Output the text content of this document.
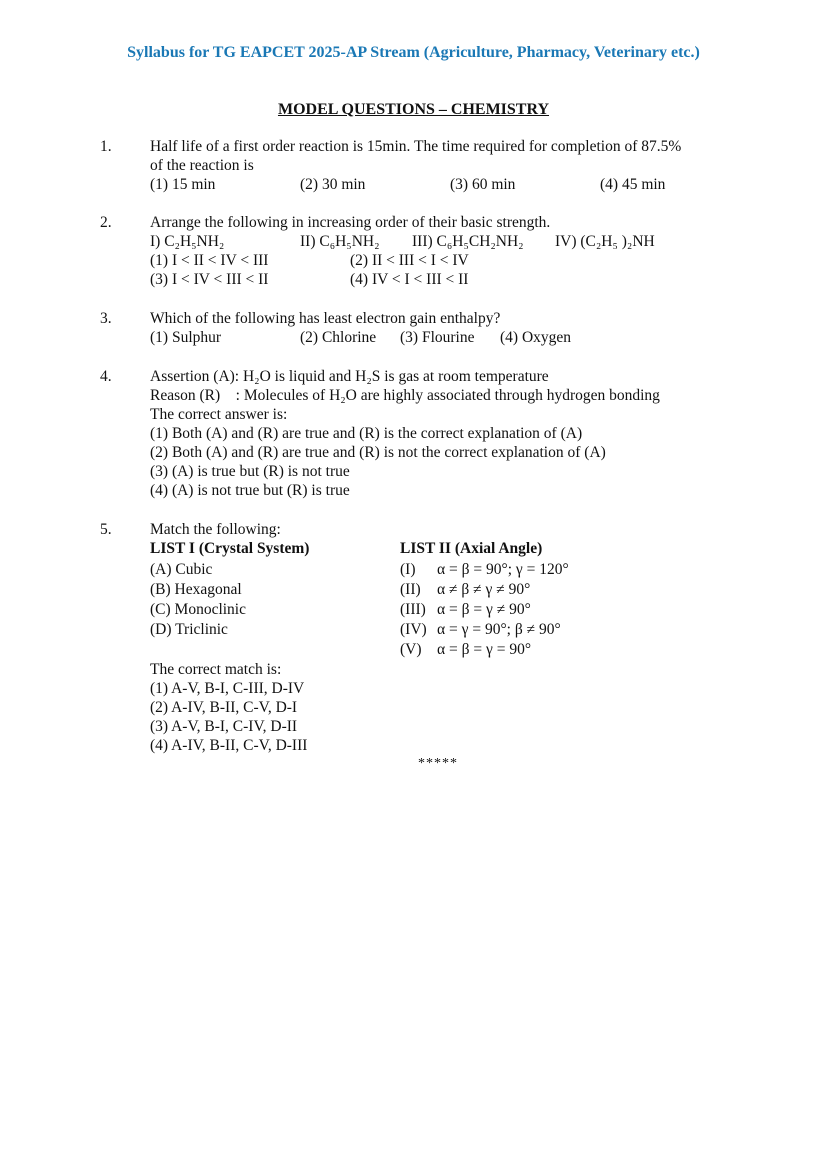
Syllabus for TG EAPCET 2025-AP Stream (Agriculture, Pharmacy, Veterinary etc.)
MODEL QUESTIONS – CHEMISTRY
1. Half life of a first order reaction is 15min. The time required for completion of 87.5%
of the reaction is
(1) 15 min	(2) 30 min	(3) 60 min	(4) 45 min
2. Arrange the following in increasing order of their basic strength.
I) C₂H₅NH₂	II) C₆H₅NH₂ III) C₆H₅CH₂NH₂ IV) (C₂H₅ )₂NH
(1) I < II < IV < III	(2) II < III < I < IV
(3) I < IV < III < II	(4) IV < I < III < II
3. Which of the following has least electron gain enthalpy?
(1) Sulphur	(2) Chlorine (3) Flourine (4) Oxygen
4. Assertion (A): H₂O is liquid and H₂S is gas at room temperature
Reason (R)    : Molecules of H₂O are highly associated through hydrogen bonding
The correct answer is:
(1) Both (A) and (R) are true and (R) is the correct explanation of (A)
(2) Both (A) and (R) are true and (R) is not the correct explanation of (A)
(3) (A) is true but (R) is not true
(4) (A) is not true but (R) is true
5. Match the following:
LIST I (Crystal System)	LIST II (Axial Angle)
(A) Cubic	(I) α = β = 90°; γ = 120°
(B) Hexagonal	(II) α ≠ β ≠ γ ≠ 90°
(C) Monoclinic	(III) α = β = γ ≠ 90°
(D) Triclinic	(IV) α = γ = 90°; β ≠ 90°
(V) α = β = γ = 90°
The correct match is:
(1) A-V, B-I, C-III, D-IV
(2) A-IV, B-II, C-V, D-I
(3) A-V, B-I, C-IV, D-II
(4) A-IV, B-II, C-V, D-III
*****
